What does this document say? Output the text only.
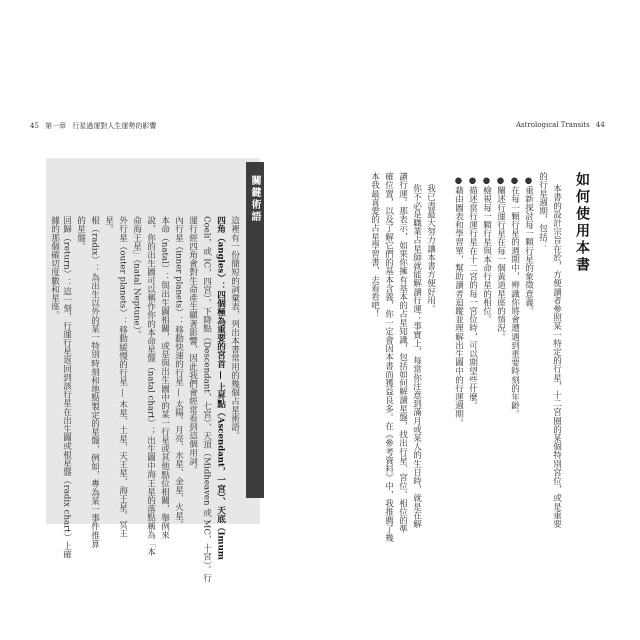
45 第一章 行星過運對人生運勢的影響	Astrological Transits 44
關鍵術語
這裡有一份簡短的詞彙表，列出本書常用的幾個占星術語。
四角（angles）：四個極為重要的宮首 — 上昇點（Ascendant，一宮）、天底（Imum
Coeli，或 IC，四宮）、下降點（Descendant，七宮）、天頂（Midheaven 或 MC，十宮）。行
運行經四角會對生命產生顯著影響，因此我們會經常看到這個用詞。
內行星（inner planets）：移動快速的行星 — 太陽、月亮、水星、金星、火星。
本命（natal）：與出生圖相關，或是與出生圖中的某一行星或其他點位相關，舉例來
說，你的出生圖可以稱作你的本命星盤（natal chart）；出生圖中海王星的落點稱為「本
命海王星」（natal Neptune）。
外行星（outer planets）：移動緩慢的行星 — 木星、土星、天王星、海王星、冥王
星。
根（radix）：為出生以外的某一特別時刻和地點製定的星盤，例如，專為某一事件推算
的星盤。
回歸（return）：這一刻，行運行星返回到該行星在出生圖或根星盤（radix chart）上確
據的那個確切度數和星座。	如何使用本書
本書的設計宗旨在於，方便讀者參照某一特定的行星，十二宮圈的某個特別宮位，或是重要
的行星週期，包括：
●重新探討每一顆行星的象徵意義。
●在每一顆行星的週期中，辨識你將會遭遇到重要時刻的年齡。
●闡述行運行星在每一個黃道星座的情況。
●檢視每一顆行星與本命行星的相位。
●描述當行運行星在十二宮的每一宮位時，可以期望些什麼。
●藉由圖表和學習單，幫助讀者追蹤並理解出生圖中的行運週期。
我已盡最大努力讓本書方便好用。
你不必是職業占星師就能解讀行運；事實上，每當你注意到滿月或某人的生日時，就是在解
讀行運。那表示，如果你擁有基本的占星知識，包括如何解讀星盤，找出行星、宮位、相位的準
確位置，以及了解它們的基本含義，你一定會因本書而獲益良多。在《參考資料》中，我推薦了幾
本我最喜愛的占星學習書，去看看吧！
